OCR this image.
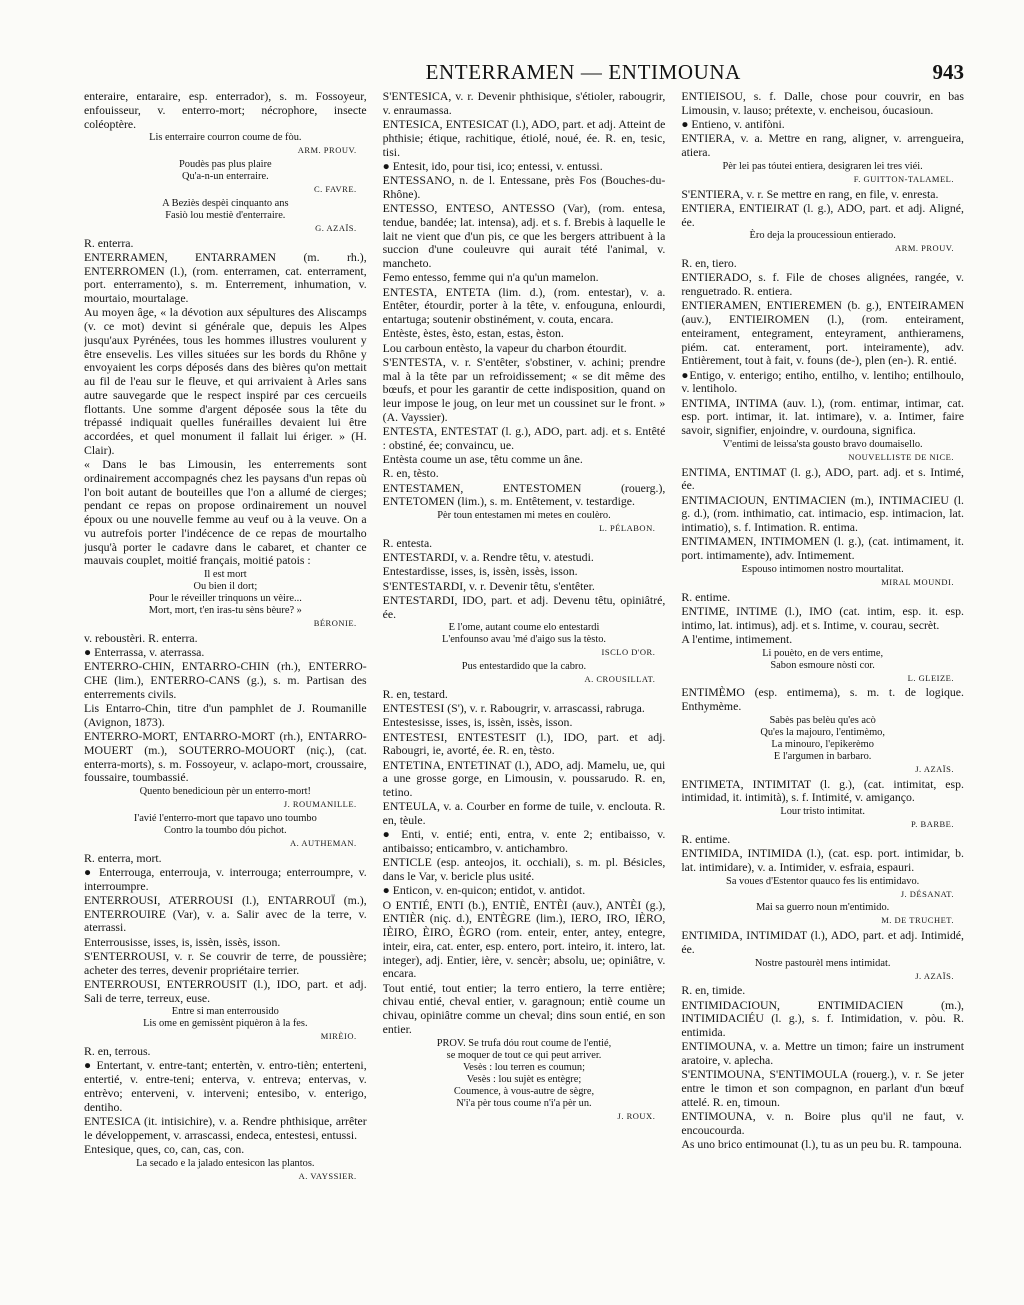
ENTERRAMEN — ENTIMOUNA	943

enteraire, entaraire, esp. enterrador), s. m. Fossoyeur, enfouisseur, v. enterro-mort; nécrophore, insecte coléoptère.

Lis enterraire courron coume de fòu.
ARM. PROUV.
Poudès pas plus plaire
Qu'a-n-un enterraire.
C. FAVRE.
A Beziès despèi cinquanto ans
Fasiò lou mestiè d'enterraire.
G. AZAÏS.

R. enterra.

ENTERRAMEN, ENTARRAMEN (m. rh.), ENTERROMEN (l.), (rom. enterramen, cat. enterrament, port. enterramento), s. m. Enterrement, inhumation, v. mourtaio, mourtalage.

Au moyen âge, « la dévotion aux sépultures des Aliscamps (v. ce mot) devint si générale que, depuis les Alpes jusqu'aux Pyrénées, tous les hommes illustres voulurent y être ensevelis. Les villes situées sur les bords du Rhône y envoyaient les corps déposés dans des bières qu'on mettait au fil de l'eau sur le fleuve, et qui arrivaient à Arles sans autre sauvegarde que le respect inspiré par ces cercueils flottants. Une somme d'argent déposée sous la tête du trépassé indiquait quelles funérailles devaient lui être accordées, et quel monument il fallait lui ériger. » (H. Clair).

« Dans le bas Limousin, les enterrements sont ordinairement accompagnés chez les paysans d'un repas où l'on boit autant de bouteilles que l'on a allumé de cierges; pendant ce repas on propose ordinairement un nouvel époux ou une nouvelle femme au veuf ou à la veuve. On a vu autrefois porter l'indécence de ce repas de mourtalho jusqu'à porter le cadavre dans le cabaret, et chanter ce mauvais couplet, moitié français, moitié patois :

Il est mort
Ou bien il dort;
Pour le réveiller trinquons un vèire...
Mort, mort, t'en iras-tu sèns bèure? »
BÉRONIE.

v. reboustèri. R. enterra.

● Enterrassa, v. aterrassa.

ENTERRO-CHIN, ENTARRO-CHIN (rh.), ENTERRO-CHE (lim.), ENTERRO-CANS (g.), s. m. Partisan des enterrements civils.

Lis Entarro-Chin, titre d'un pamphlet de J. Roumanille (Avignon, 1873).

ENTERRO-MORT, ENTARRO-MORT (rh.), ENTARRO-MOUERT (m.), SOUTERRO-MOUORT (niç.), (cat. enterra-morts), s. m. Fossoyeur, v. aclapo-mort, croussaire, foussaire, toumbassié.

Quento benedicioun pèr un enterro-mort!
J. ROUMANILLE.
I'avié l'enterro-mort que tapavo uno toumbo
Contro la toumbo dóu pichot.
A. AUTHEMAN.

R. enterra, mort.

● Enterrouga, enterrouja, v. interrouga; enterroumpre, v. interroumpre.

ENTERROUSI, ATERROUSI (l.), ENTARROUÏ (m.), ENTERROUIRE (Var), v. a. Salir avec de la terre, v. aterrassi.

Enterrousisse, isses, is, issèn, issès, isson.

S'ENTERROUSI, v. r. Se couvrir de terre, de poussière; acheter des terres, devenir propriétaire terrier.

ENTERROUSI, ENTERROUSIT (l.), IDO, part. et adj. Sali de terre, terreux, euse.

Entre si man enterrousido
Lis ome en gemissènt piquèron à la fes.
MIRÈIO.

R. en, terrous.

● Entertant, v. entre-tant; entertèn, v. entro-tièn; enterteni, entertié, v. entre-teni; enterva, v. entreva; entervas, v. entrèvo; enterveni, v. interveni; entesibo, v. enterigo, dentiho.

ENTESICA (it. intisichire), v. a. Rendre phthisique, arrêter le développement, v. arrascassi, endeca, entestesi, entussi.

Entesique, ques, co, can, cas, con.

La secado e la jalado entesicon las plantos.
A. VAYSSIER.

S'ENTESICA, v. r. Devenir phthisique, s'étioler, rabougrir, v. enraumassa.

ENTESICA, ENTESICAT (l.), ADO, part. et adj. Atteint de phthisie; étique, rachitique, étiolé, noué, ée. R. en, tesic, tisi.

● Entesit, ido, pour tisi, ico; entessi, v. entussi.

ENTESSANO, n. de l. Entessane, près Fos (Bouches-du-Rhône).

ENTESSO, ENTESO, ANTESSO (Var), (rom. entesa, tendue, bandée; lat. intensa), adj. et s. f. Brebis à laquelle le lait ne vient que d'un pis, ce que les bergers attribuent à la succion d'une couleuvre qui aurait tété l'animal, v. mancheto.

Femo entesso, femme qui n'a qu'un mamelon.

ENTESTA, ENTETA (lim. d.), (rom. entestar), v. a. Entêter, étourdir, porter à la tête, v. enfouguna, enlourdi, entartuga; soutenir obstinément, v. couta, encara.

Entèste, èstes, èsto, estan, estas, èston.

Lou carboun entèsto, la vapeur du charbon étourdit.

S'ENTESTA, v. r. S'entêter, s'obstiner, v. achini; prendre mal à la tête par un refroidissement; « se dit même des bœufs, et pour les garantir de cette indisposition, quand on leur impose le joug, on leur met un coussinet sur le front. » (A. Vayssier).

ENTESTA, ENTESTAT (l. g.), ADO, part. adj. et s. Entêté : obstiné, ée; convaincu, ue.

Entèsta coume un ase, têtu comme un âne.

R. en, tèsto.

ENTESTAMEN, ENTESTOMEN (rouerg.), ENTETOMEN (lim.), s. m. Entêtement, v. testardige.

Pèr toun entestamen mi metes en coulèro.
L. PÉLABON.

R. entesta.

ENTESTARDI, v. a. Rendre têtu, v. atestudi.

Entestardisse, isses, is, issèn, issès, isson.

S'ENTESTARDI, v. r. Devenir têtu, s'entêter.

ENTESTARDI, IDO, part. et adj. Devenu têtu, opiniâtré, ée.

E l'ome, autant coume elo entestardi
L'enfounso avau 'mé d'aigo sus la tèsto.
ISCLO D'OR.
Pus entestardido que la cabro.
A. CROUSILLAT.

R. en, testard.

ENTESTESI (S'), v. r. Rabougrir, v. arrascassi, rabruga.

Entestesisse, isses, is, issèn, issès, isson.

ENTESTESI, ENTESTESIT (l.), IDO, part. et adj. Rabougri, ie, avorté, ée. R. en, tèsto.

ENTETINA, ENTETINAT (l.), ADO, adj. Mamelu, ue, qui a une grosse gorge, en Limousin, v. poussarudo. R. en, tetino.

ENTEULA, v. a. Courber en forme de tuile, v. enclouta. R. en, tèule.

● Enti, v. entié; enti, entra, v. ente 2; entibaisso, v. antibaisso; enticambro, v. antichambro.

ENTICLE (esp. anteojos, it. occhiali), s. m. pl. Bésicles, dans le Var, v. bericle plus usité.

● Enticon, v. en-quicon; entidot, v. antidot.

O ENTIÉ, ENTI (b.), ENTIÈ, ENTÈI (auv.), ANTÈI (g.), ENTIÈR (niç. d.), ENTÈGRE (lim.), IERO, IRO, IÈRO, IÈIRO, ÈIRO, ÈGRO (rom. enteir, enter, antey, entegre, inteir, eira, cat. enter, esp. entero, port. inteiro, it. intero, lat. integer), adj. Entier, ière, v. sencèr; absolu, ue; opiniâtre, v. encara.

Tout entié, tout entier; la terro entiero, la terre entière; chivau entié, cheval entier, v. garagnoun; entiè coume un chivau, opiniâtre comme un cheval; dins soun entié, en son entier.

PROV. Se trufa dóu rout coume de l'entié,
se moquer de tout ce qui peut arriver.
Vesès : lou terren es coumun;
Vesès : lou sujèt es entègre;
Coumence, à vous-autre de sègre,
N'i'a pèr tous coume n'i'a pèr un.
J. ROUX.

ENTIEISOU, s. f. Dalle, chose pour couvrir, en bas Limousin, v. lauso; prétexte, v. encheisou, óucasioun.

● Entieno, v. antifòni.

ENTIERA, v. a. Mettre en rang, aligner, v. arrengueira, atiera.

Pèr lei pas tóutei entiera, desigraren lei tres viéi.
F. GUITTON-TALAMEL.

S'ENTIERA, v. r. Se mettre en rang, en file, v. enresta.

ENTIERA, ENTIEIRAT (l. g.), ADO, part. et adj. Aligné, ée.

Èro deja la proucessioun entierado.
ARM. PROUV.

R. en, tiero.

ENTIERADO, s. f. File de choses alignées, rangée, v. renguetrado. R. entiera.

ENTIERAMEN, ENTIEREMEN (b. g.), ENTEIRAMEN (auv.), ENTIEIROMEN (l.), (rom. enteirament, enteirament, entegrament, enteyrament, anthieramens, piém. cat. enterament, port. inteiramente), adv. Entièrement, tout à fait, v. founs (de-), plen (en-). R. entié.

●Entigo, v. enterigo; entiho, entilho, v. lentiho; entilhoulo, v. lentiholo.

ENTIMA, INTIMA (auv. l.), (rom. entimar, intimar, cat. esp. port. intimar, it. lat. intimare), v. a. Intimer, faire savoir, signifier, enjoindre, v. ourdouna, significa.

V'entimi de leissa'sta gousto bravo doumaisello.
NOUVELLISTE DE NICE.

ENTIMA, ENTIMAT (l. g.), ADO, part. adj. et s. Intimé, ée.

ENTIMACIOUN, ENTIMACIEN (m.), INTIMACIEU (l. g. d.), (rom. inthimatio, cat. intimacio, esp. intimacion, lat. intimatio), s. f. Intimation. R. entima.

ENTIMAMEN, INTIMOMEN (l. g.), (cat. intimament, it. port. intimamente), adv. Intimement.

Espouso intimomen nostro mourtalitat.
MIRAL MOUNDI.

R. entime.

ENTIME, INTIME (l.), IMO (cat. intim, esp. it. esp. intimo, lat. intimus), adj. et s. Intime, v. courau, secrèt.

A l'entime, intimement.

Li pouèto, en de vers entime,
Sabon esmoure nòsti cor.
L. GLEIZE.

ENTIMÈMO (esp. entimema), s. m. t. de logique. Enthymème.

Sabès pas belèu qu'es acò
Qu'es la majouro, l'entimèmo,
La minouro, l'epikerèmo
E l'argumen in barbaro.
J. AZAÏS.

ENTIMETA, INTIMITAT (l. g.), (cat. intimitat, esp. intimidad, it. intimità), s. f. Intimité, v. amiganço.

Lour tristo intimitat.
P. BARBE.

R. entime.

ENTIMIDA, INTIMIDA (l.), (cat. esp. port. intimidar, b. lat. intimidare), v. a. Intimider, v. esfraia, espauri.

Sa voues d'Estentor quauco fes lis entimidavo.
J. DÉSANAT.
Mai sa guerro noun m'entimido.
M. DE TRUCHET.

ENTIMIDA, INTIMIDAT (l.), ADO, part. et adj. Intimidé, ée.

Nostre pastourèl mens intimidat.
J. AZAÏS.

R. en, timide.

ENTIMIDACIOUN, ENTIMIDACIEN (m.), INTIMIDACIÉU (l. g.), s. f. Intimidation, v. pòu. R. entimida.

ENTIMOUNA, v. a. Mettre un timon; faire un instrument aratoire, v. aplecha.

S'ENTIMOUNA, S'ENTIMOULA (rouerg.), v. r. Se jeter entre le timon et son compagnon, en parlant d'un bœuf attelé. R. en, timoun.

ENTIMOUNA, v. n. Boire plus qu'il ne faut, v. encoucourda.

As uno brico entimounat (l.), tu as un peu bu. R. tampouna.
